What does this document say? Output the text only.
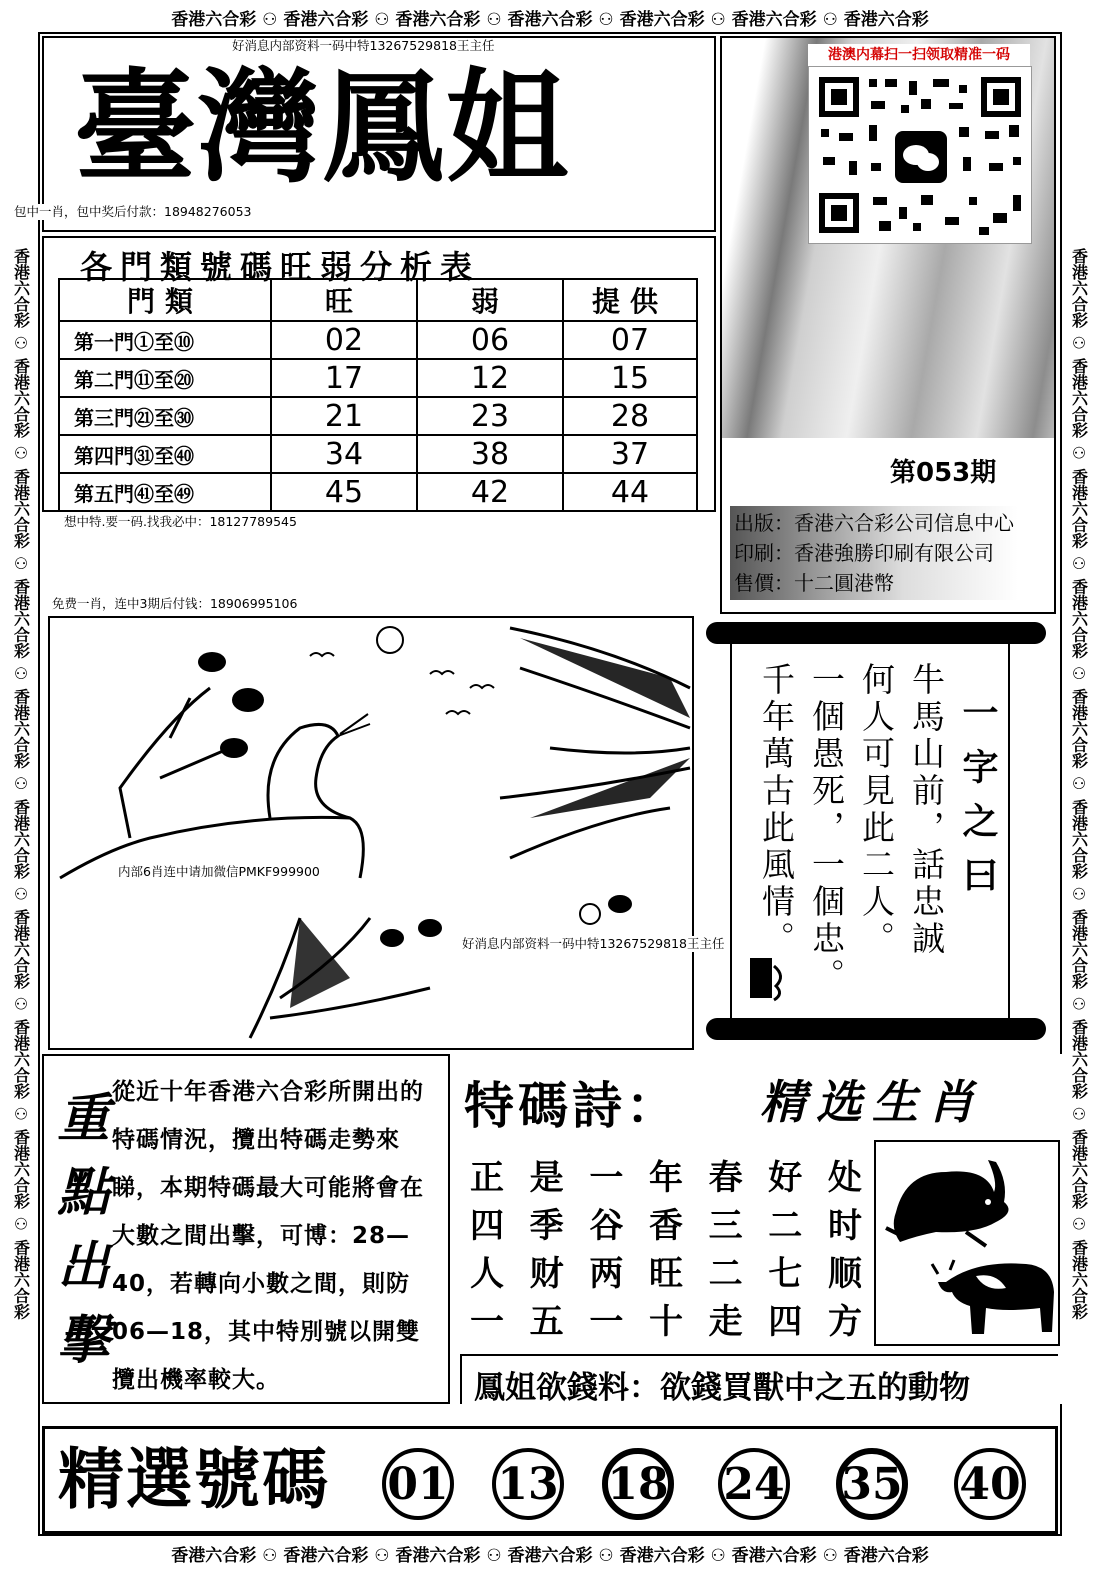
香港六合彩 ⚇ 香港六合彩 ⚇ 香港六合彩 ⚇ 香港六合彩 ⚇ 香港六合彩 ⚇ 香港六合彩 ⚇ 香港六合彩
香港六合彩 ⚇ 香港六合彩 ⚇ 香港六合彩 ⚇ 香港六合彩 ⚇ 香港六合彩 ⚇ 香港六合彩 ⚇ 香港六合彩
香港六合彩 ⚇ 香港六合彩 ⚇ 香港六合彩 ⚇ 香港六合彩 ⚇ 香港六合彩 ⚇ 香港六合彩 ⚇ 香港六合彩 ⚇ 香港六合彩 ⚇ 香港六合彩 ⚇ 香港六合彩	香港六合彩 ⚇ 香港六合彩 ⚇ 香港六合彩 ⚇ 香港六合彩 ⚇ 香港六合彩 ⚇ 香港六合彩 ⚇ 香港六合彩 ⚇ 香港六合彩 ⚇ 香港六合彩 ⚇ 香港六合彩
臺灣鳳姐
好消息内部资料一码中特13267529818王主任
包中一肖，包中奖后付款：18948276053
港澳内幕扫一扫领取精准一码
第053期
出版：香港六合彩公司信息中心
印刷：香港強勝印刷有限公司
售價：十二圓港幣
各門類號碼旺弱分析表
門類	旺	弱	提供
第一門①至⑩	02	06	07
第二門⑪至⑳	17	12	15
第三門㉑至㉚	21	23	28
第四門㉛至㊵	34	38	37
第五門㊶至㊾	45	42	44
想中特.要一码.找我必中：18127789545
免费一肖，连中3期后付钱：18906995106
内部6肖连中请加微信PMKF999900
好消息内部资料一码中特13267529818王主任
一字之曰
牛馬山前，話忠誠
何人可見此二人。
一個愚死，一個忠。
千年萬古此風情。
重點出擊 從近十年香港六合彩所開出的特碼情況，攬出特碼走勢來睇，本期特碼最大可能將會在大數之間出擊，可博：28—40，若轉向小數之間，則防06—18，其中特別號以開雙攬出機率較大。
特碼詩： 精选生肖
正 是 一 年 春 好 处
四 季 谷 香 三 二 时
人 财 两 旺 二 七 顺
一 五 一 十 走 四 方
鳳姐欲錢料：欲錢買獸中之五的動物
精選號碼 01 13 18 24 35 40
